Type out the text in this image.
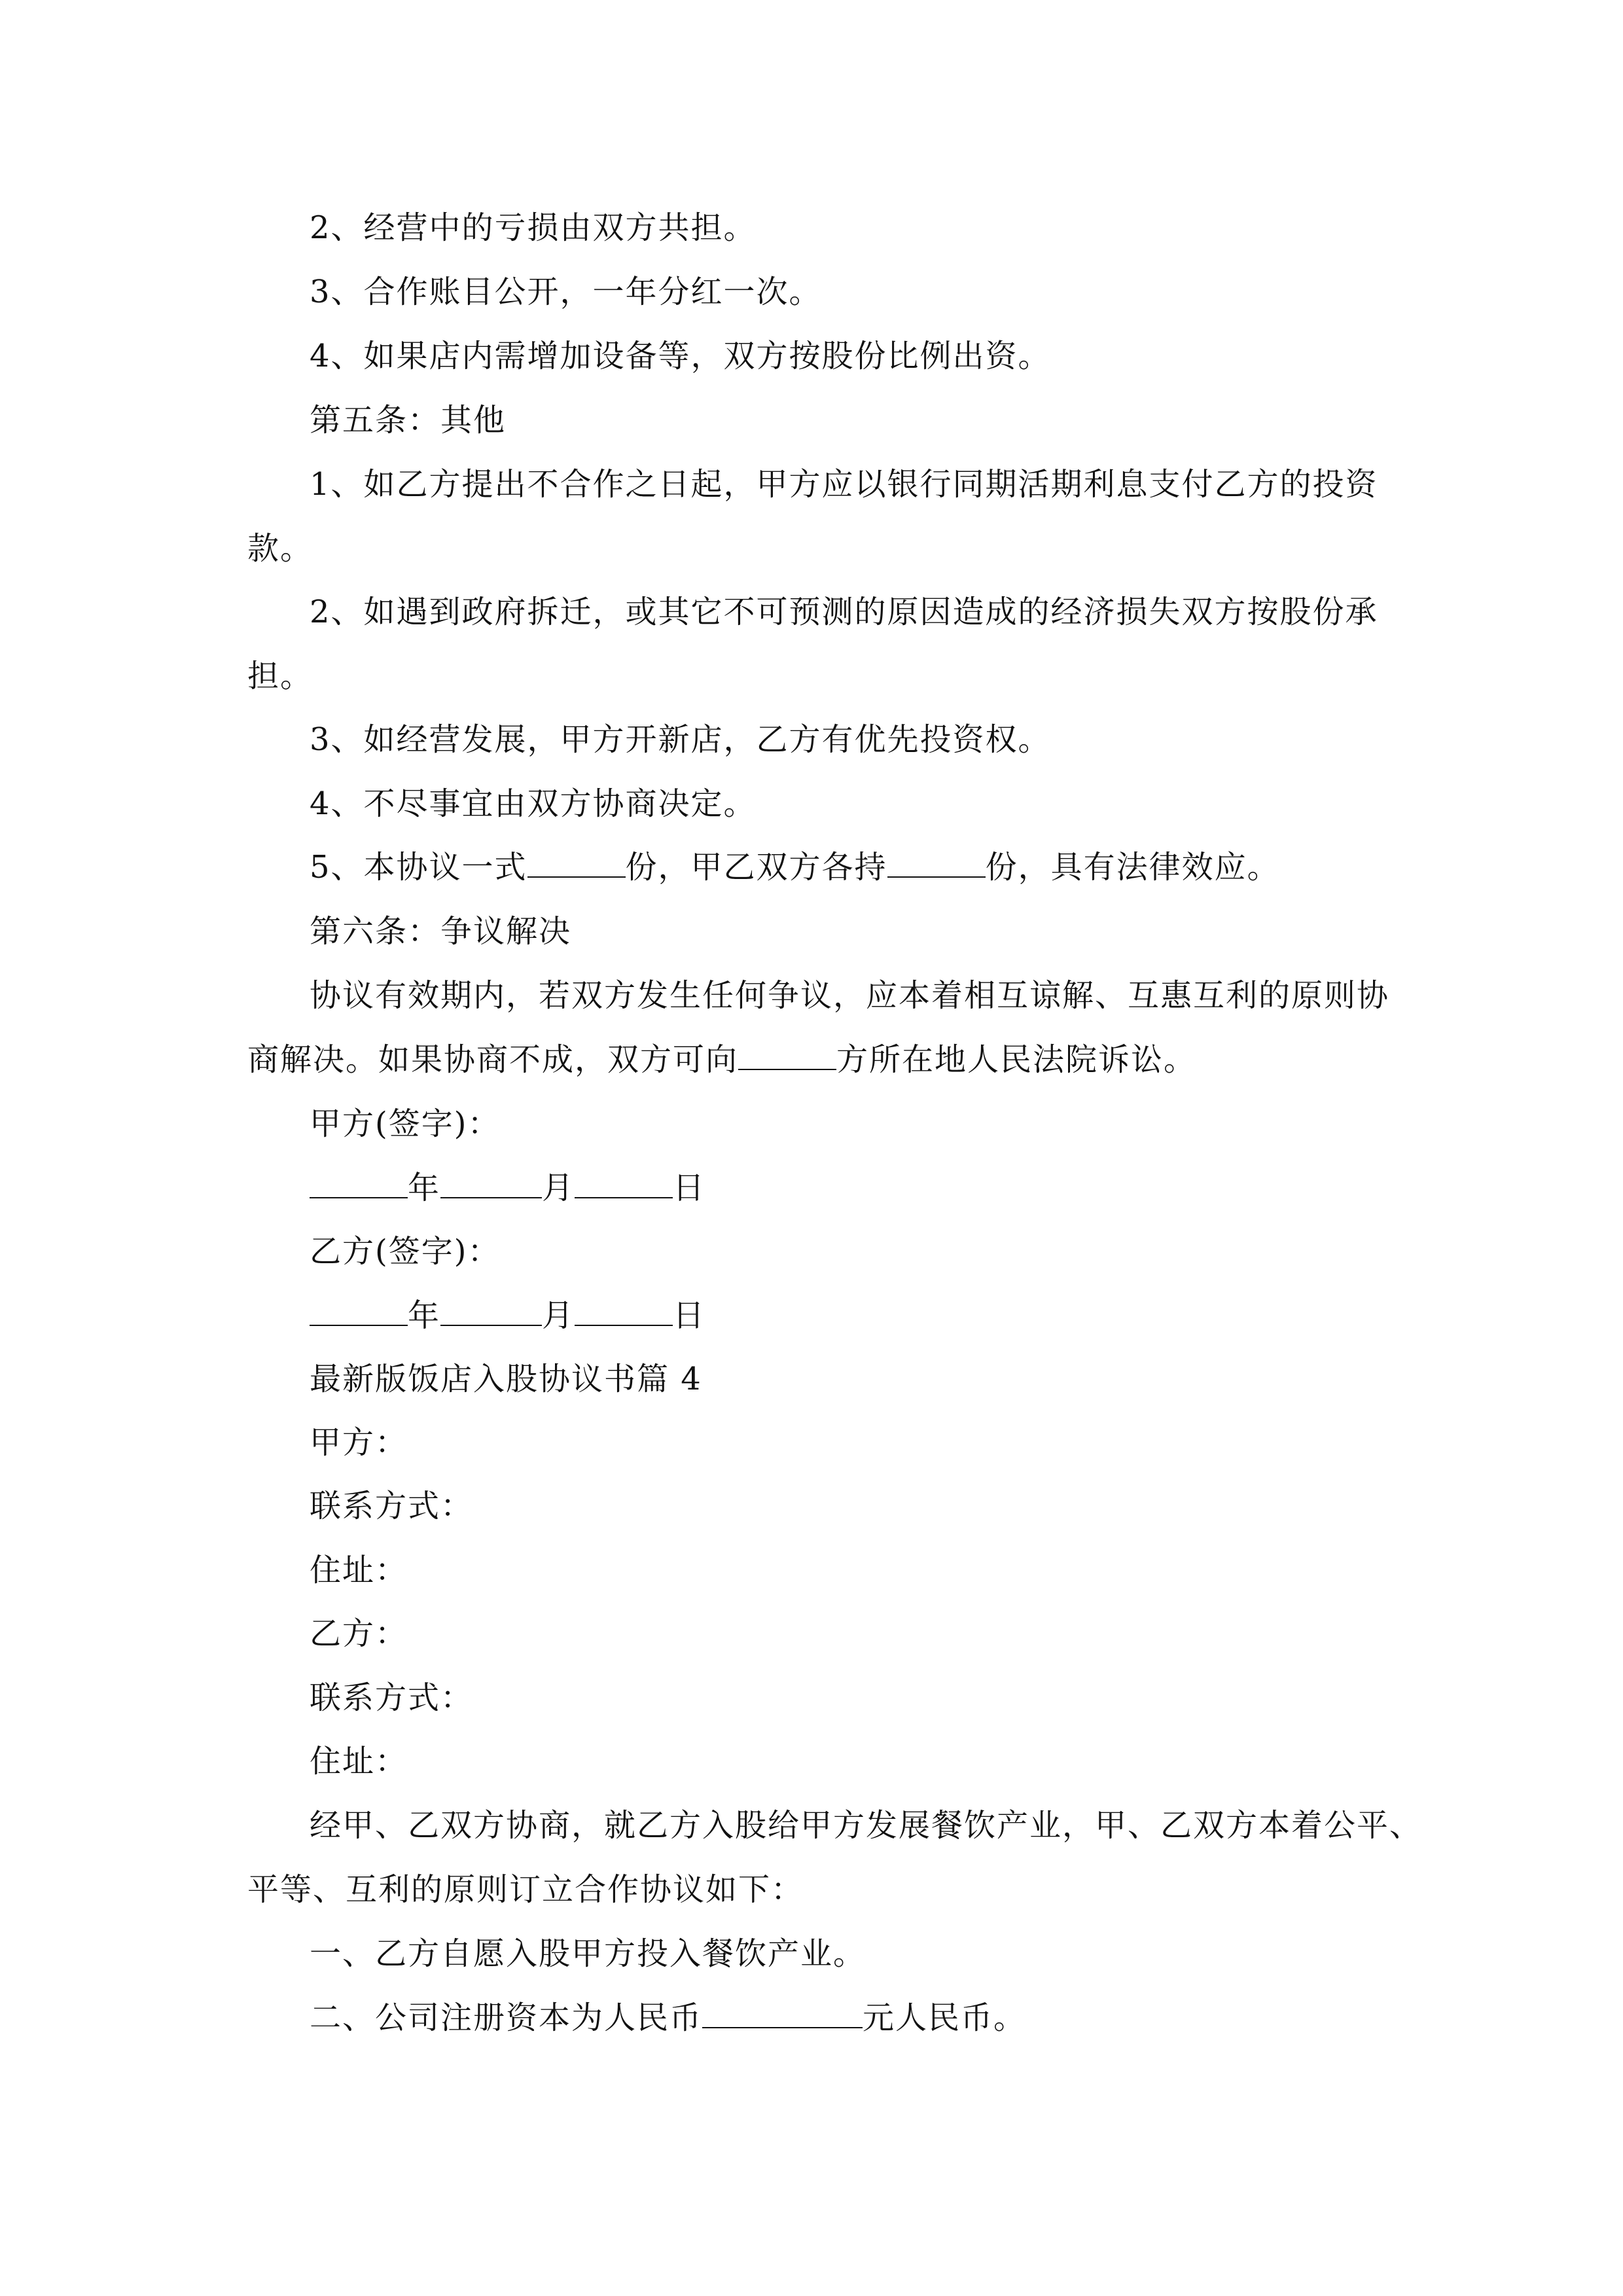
2、经营中的亏损由双方共担。
3、合作账目公开，一年分红一次。
4、如果店内需增加设备等，双方按股份比例出资。
第五条：其他
1、如乙方提出不合作之日起，甲方应以银行同期活期利息支付乙方的投资
款。
2、如遇到政府拆迁，或其它不可预测的原因造成的经济损失双方按股份承
担。
3、如经营发展，甲方开新店，乙方有优先投资权。
4、不尽事宜由双方协商决定。
5、本协议一式	份，甲乙双方各持	份，具有法律效应。
第六条：争议解决
协议有效期内，若双方发生任何争议，应本着相互谅解、互惠互利的原则协
商解决。如果协商不成，双方可向	方所在地人民法院诉讼。
甲方(签字)：
年	月	日
乙方(签字)：
年	月	日
最新版饭店入股协议书篇 4
甲方：
联系方式：
住址：
乙方：
联系方式：
住址：
经甲、乙双方协商，就乙方入股给甲方发展餐饮产业，甲、乙双方本着公平、
平等、互利的原则订立合作协议如下：
一、乙方自愿入股甲方投入餐饮产业。
二、公司注册资本为人民币	元人民币。
